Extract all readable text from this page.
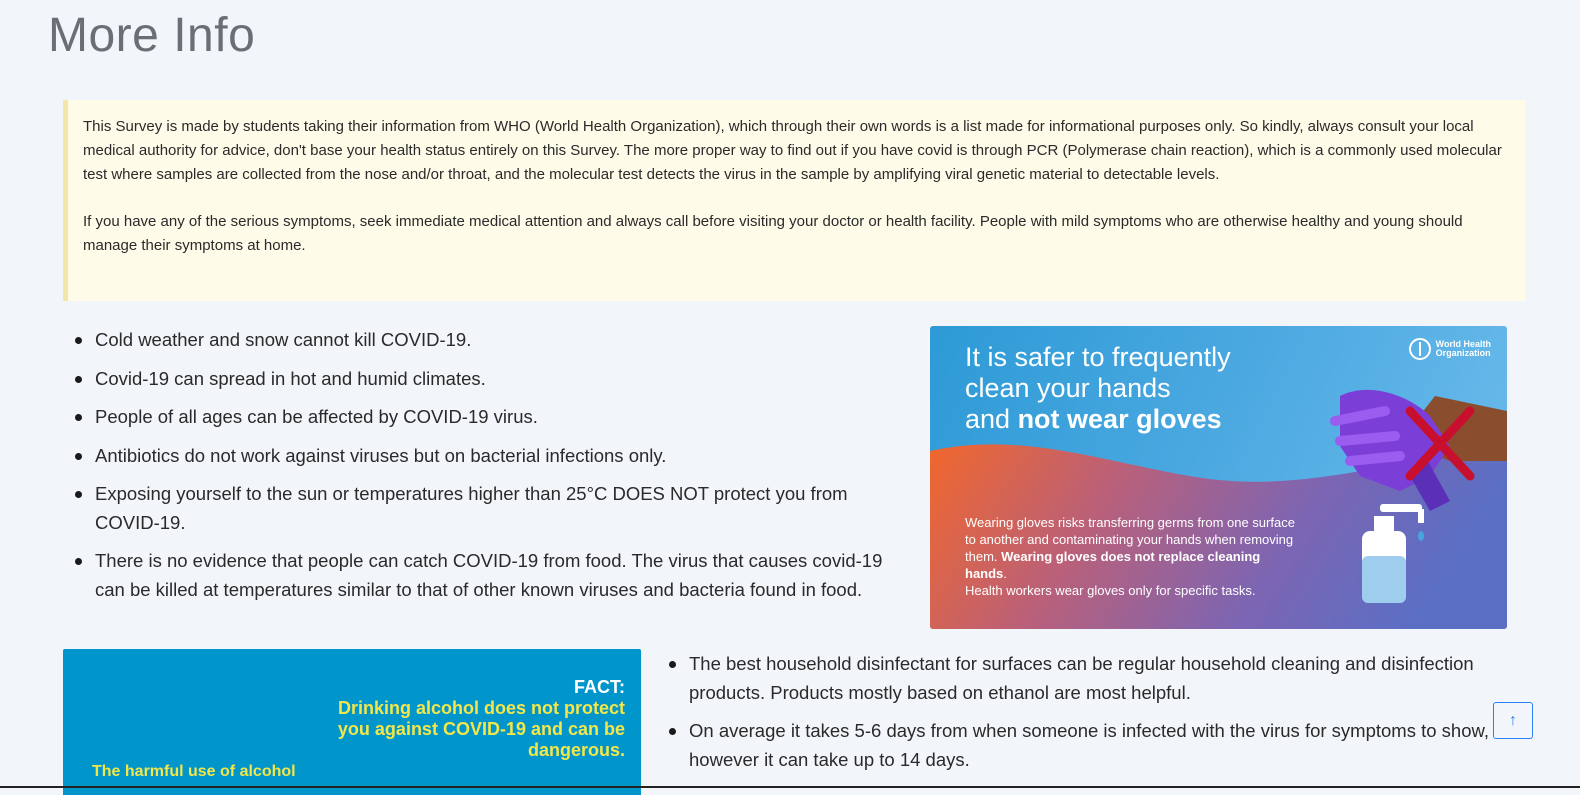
More Info

This Survey is made by students taking their information from WHO (World Health Organization), which through their own words is a list made for informational purposes only. So kindly, always consult your local medical authority for advice, don't base your health status entirely on this Survey. The more proper way to find out if you have covid is through PCR (Polymerase chain reaction), which is a commonly used molecular test where samples are collected from the nose and/or throat, and the molecular test detects the virus in the sample by amplifying viral genetic material to detectable levels.

If you have any of the serious symptoms, seek immediate medical attention and always call before visiting your doctor or health facility. People with mild symptoms who are otherwise healthy and young should manage their symptoms at home.

Cold weather and snow cannot kill COVID-19.
Covid-19 can spread in hot and humid climates.
People of all ages can be affected by COVID-19 virus.
Antibiotics do not work against viruses but on bacterial infections only.
Exposing yourself to the sun or temperatures higher than 25°C DOES NOT protect you from COVID-19.
There is no evidence that people can catch COVID-19 from food. The virus that causes covid-19 can be killed at temperatures similar to that of other known viruses and bacteria found in food.
World Health
Organization
It is safer to frequently
clean your hands
and not wear gloves
Wearing gloves risks transferring germs from one surface to another and contaminating your hands when removing them. Wearing gloves does not replace cleaning hands.
Health workers wear gloves only for specific tasks.
FACT:
Drinking alcohol does not protect you against COVID-19 and can be dangerous.
The harmful use of alcohol
The best household disinfectant for surfaces can be regular household cleaning and disinfection products. Products mostly based on ethanol are most helpful.
On average it takes 5-6 days from when someone is infected with the virus for symptoms to show, however it can take up to 14 days.
↑
